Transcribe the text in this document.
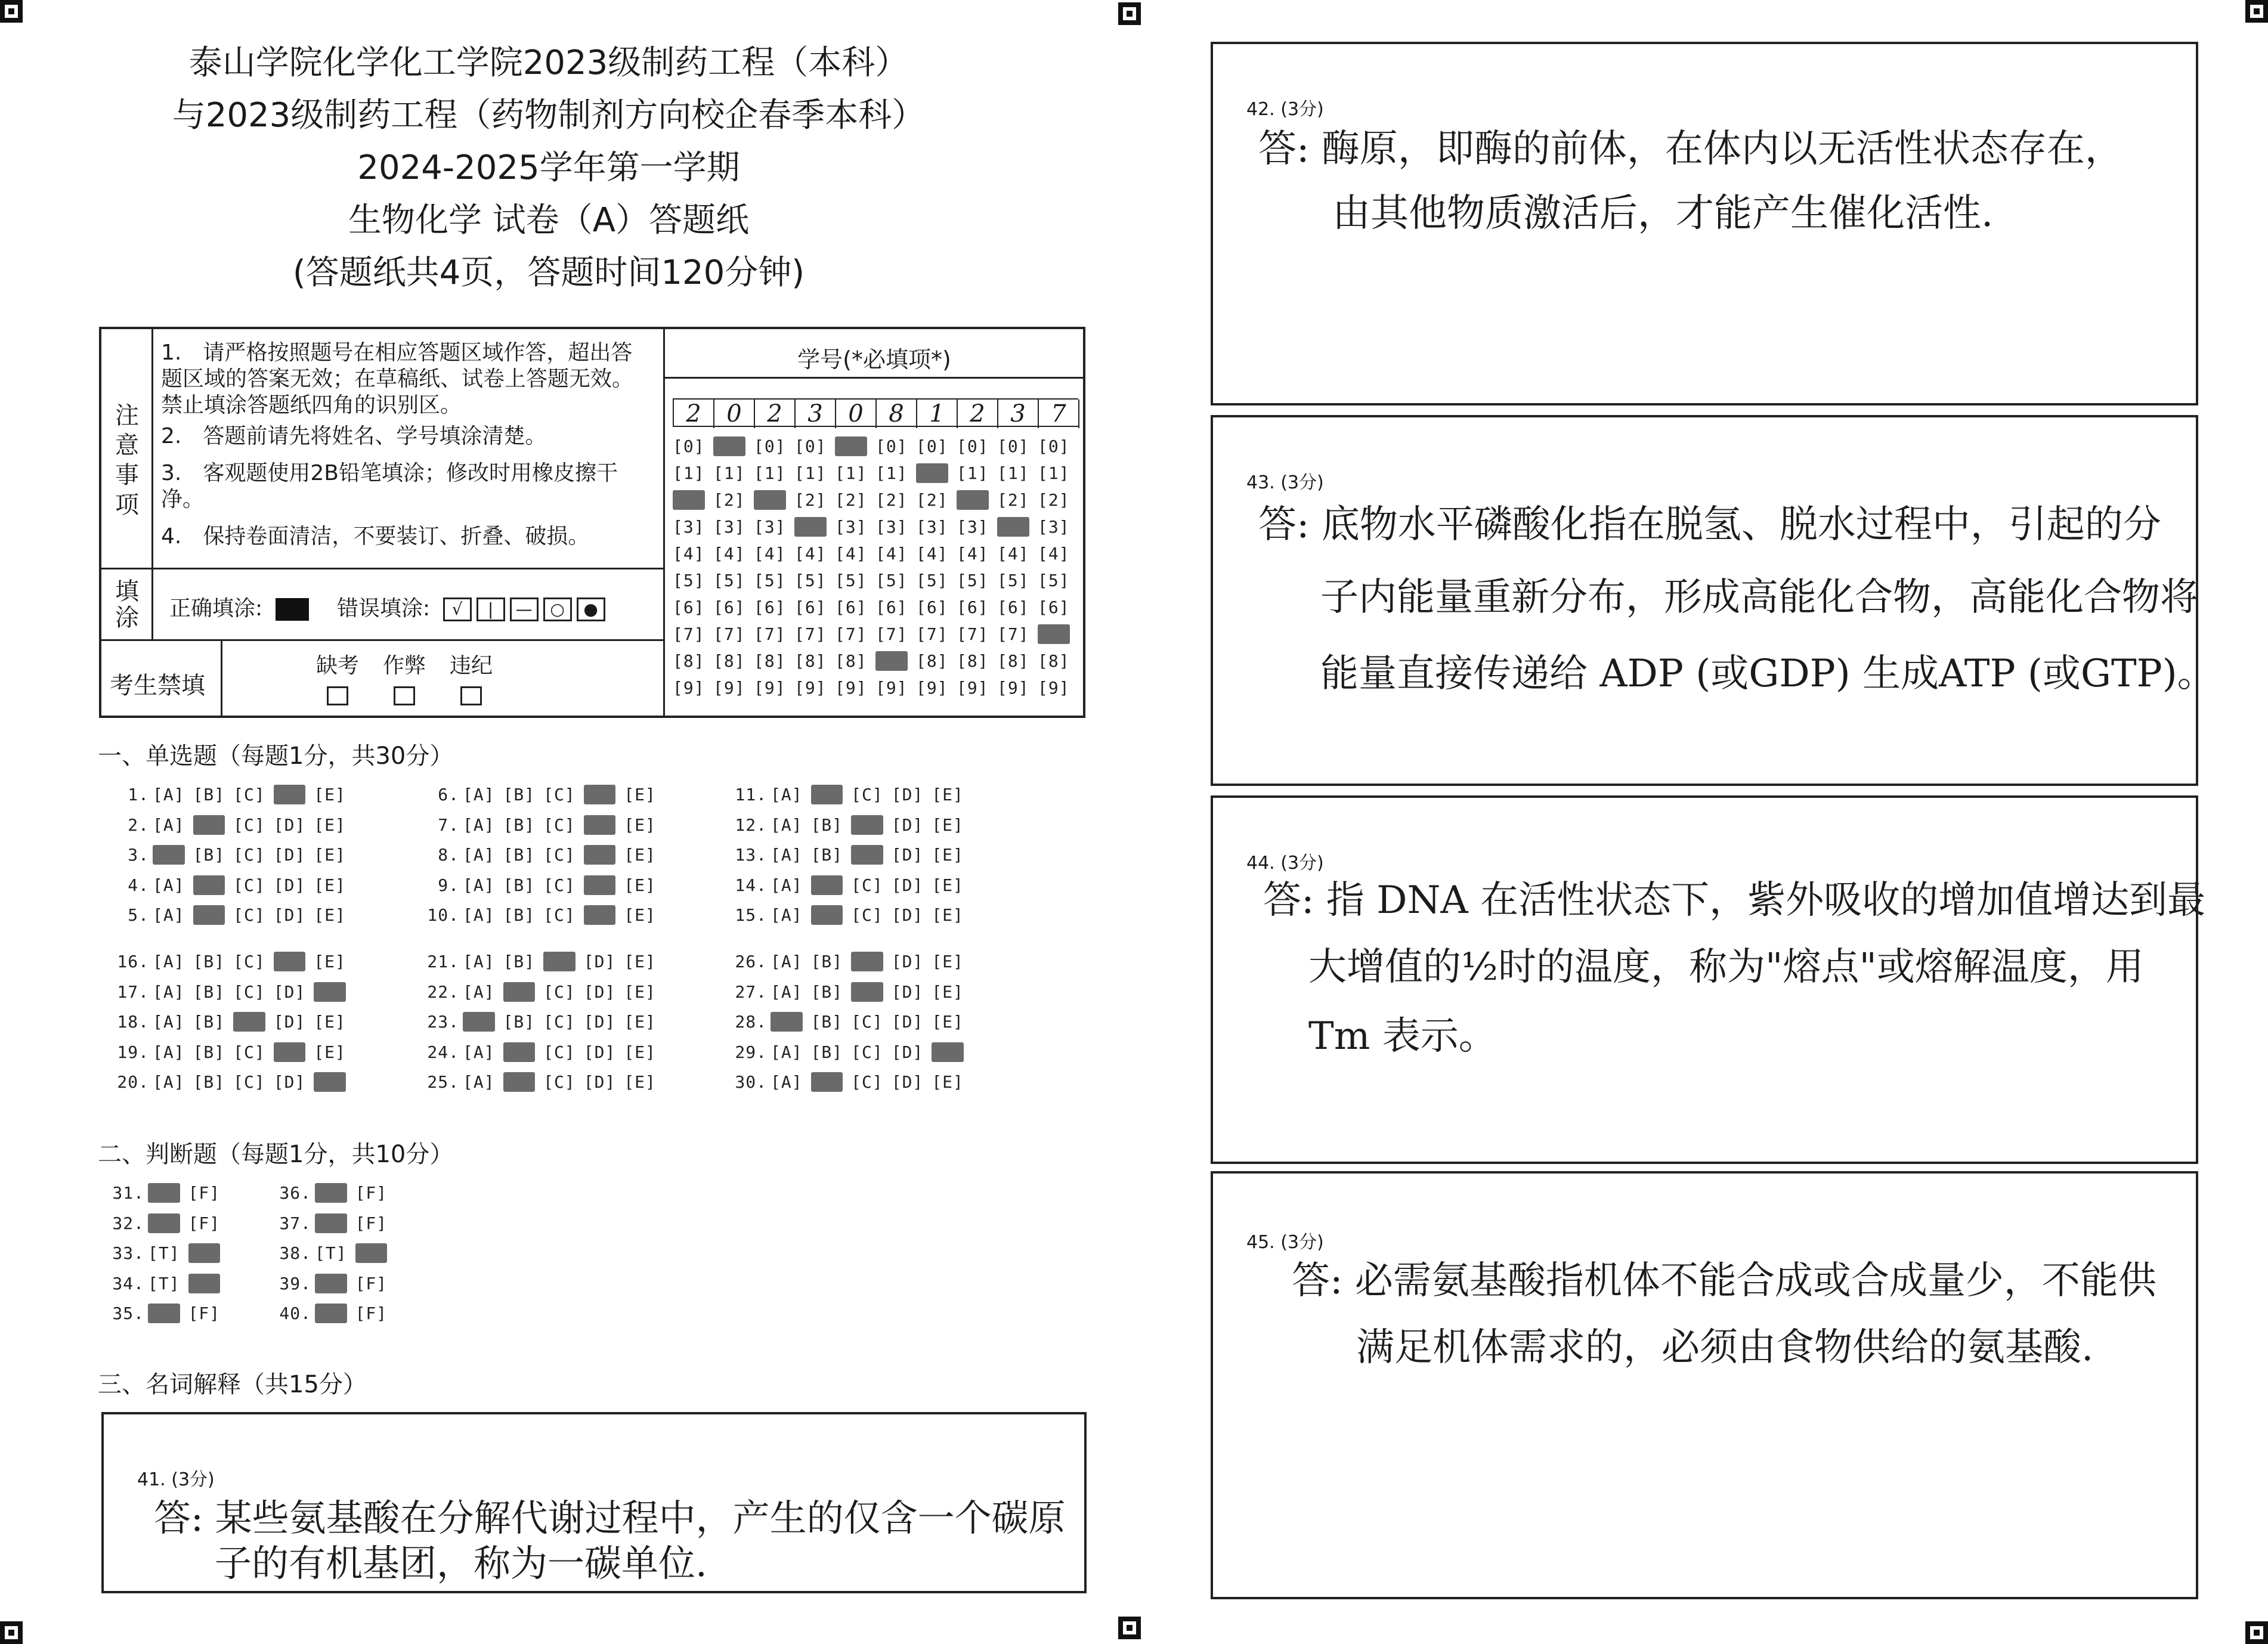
泰山学院化学化工学院2023级制药工程（本科）
与2023级制药工程（药物制剂方向校企春季本科）
2024-2025学年第一学期
生物化学 试卷（A）答题纸
(答题纸共4页，答题时间120分钟)
注意事项
1.　请严格按照题号在相应答题区域作答，超出答题区域的答案无效；在草稿纸、试卷上答题无效。禁止填涂答题纸四角的识别区。
2.　答题前请先将姓名、学号填涂清楚。
3.　客观题使用2B铅笔填涂；修改时用橡皮擦干净。
4.　保持卷面清洁，不要装订、折叠、破损。
填涂 正确填涂:	错误填涂: √ | — ○ ●
考生禁填
缺考 作弊 违纪
学号(*必填项*)
2	0	2	3	0	8	1	2	3	7
[0] [0] [0] [0] [0] [0] [0] [0] [0] [0]
[1] [1] [1] [1] [1] [1] [1] [1] [1] [1]
[2] [2] [2] [2] [2] [2] [2] [2] [2] [2]
[3] [3] [3] [3] [3] [3] [3] [3] [3] [3]
[4] [4] [4] [4] [4] [4] [4] [4] [4] [4]
[5] [5] [5] [5] [5] [5] [5] [5] [5] [5]
[6] [6] [6] [6] [6] [6] [6] [6] [6] [6]
[7] [7] [7] [7] [7] [7] [7] [7] [7] [7]
[8] [8] [8] [8] [8] [8] [8] [8] [8] [8]
[9] [9] [9] [9] [9] [9] [9] [9] [9] [9]
一、单选题（每题1分，共30分）
1. [A] [B] [C] [D] [E]
2. [A] [B] [C] [D] [E]
3. [A] [B] [C] [D] [E]
4. [A] [B] [C] [D] [E]
5. [A] [B] [C] [D] [E]
6. [A] [B] [C] [D] [E]
7. [A] [B] [C] [D] [E]
8. [A] [B] [C] [D] [E]
9. [A] [B] [C] [D] [E]
10. [A] [B] [C] [D] [E]
11. [A] [B] [C] [D] [E]
12. [A] [B] [C] [D] [E]
13. [A] [B] [C] [D] [E]
14. [A] [B] [C] [D] [E]
15. [A] [B] [C] [D] [E]
16. [A] [B] [C] [D] [E]
17. [A] [B] [C] [D] [E]
18. [A] [B] [C] [D] [E]
19. [A] [B] [C] [D] [E]
20. [A] [B] [C] [D] [E]
21. [A] [B] [C] [D] [E]
22. [A] [B] [C] [D] [E]
23. [A] [B] [C] [D] [E]
24. [A] [B] [C] [D] [E]
25. [A] [B] [C] [D] [E]
26. [A] [B] [C] [D] [E]
27. [A] [B] [C] [D] [E]
28. [A] [B] [C] [D] [E]
29. [A] [B] [C] [D] [E]
30. [A] [B] [C] [D] [E]
二、判断题（每题1分，共10分）
31. [T] [F]
32. [T] [F]
33. [T] [F]
34. [T] [F]
35. [T] [F]
36. [T] [F]
37. [T] [F]
38. [T] [F]
39. [T] [F]
40. [T] [F]
三、名词解释（共15分）
41. (3分)
答: 某些氨基酸在分解代谢过程中，产生的仅含一个碳原
子的有机基团，称为一碳单位.
42. (3分)
答: 酶原，即酶的前体，在体内以无活性状态存在，
由其他物质激活后，才能产生催化活性.
43. (3分)
答: 底物水平磷酸化指在脱氢、脱水过程中，引起的分
子内能量重新分布，形成高能化合物，高能化合物将
能量直接传递给 ADP (或GDP) 生成ATP (或GTP)。
44. (3分)
答: 指 DNA 在活性状态下，紫外吸收的增加值增达到最
大增值的½时的温度，称为"熔点"或熔解温度，用
Tm 表示。
45. (3分)
答: 必需氨基酸指机体不能合成或合成量少，不能供
满足机体需求的，必须由食物供给的氨基酸.
